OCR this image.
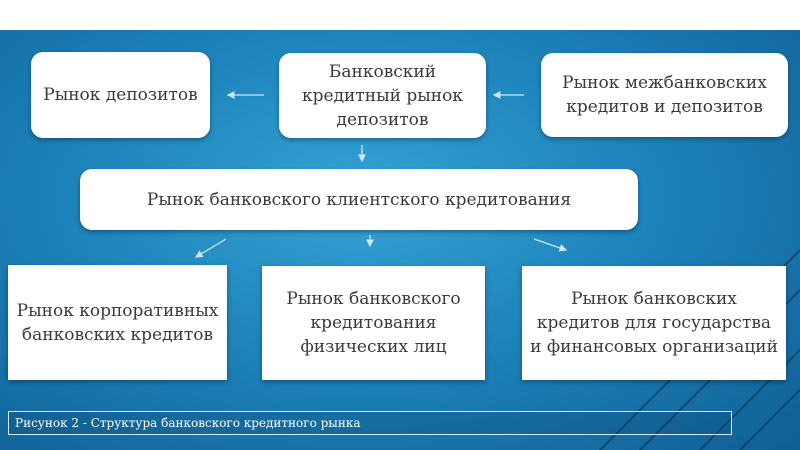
Рынок депозитов
Банковский кредитный рынок депозитов
Рынок межбанковских кредитов и депозитов
Рынок банковского клиентского кредитования
Рынок корпоративных банковских кредитов
Рынок банковского кредитования физических лиц
Рынок банковских кредитов для государства и финансовых организаций
Рисунок 2 - Структура банковского кредитного рынка
